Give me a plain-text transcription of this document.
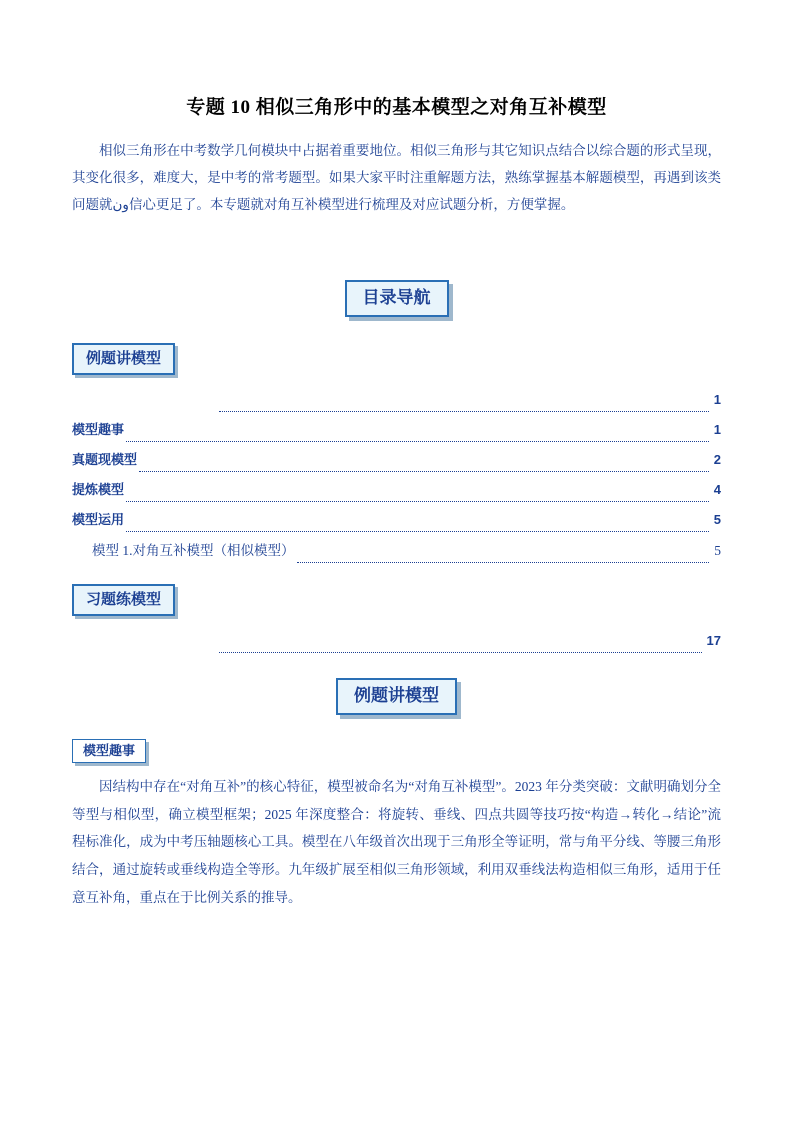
专题 10 相似三角形中的基本模型之对角互补模型

相似三角形在中考数学几何模块中占据着重要地位。相似三角形与其它知识点结合以综合题的形式呈现，其变化很多，难度大，是中考的常考题型。如果大家平时注重解题方法，熟练掌握基本解题模型，再遇到该类问题就ون信心更足了。本专题就对角互补模型进行梳理及对应试题分析，方便掌握。

目录导航
例题讲模型
1
模型趣事	1
真题现模型	2
提炼模型	4
模型运用	5
模型 1.对角互补模型（相似模型）	5
习题练模型
17
例题讲模型
模型趣事

因结构中存在“对角互补”的核心特征，模型被命名为“对角互补模型”。2023 年分类突破：文献明确划分全等型与相似型，确立模型框架；2025 年深度整合：将旋转、垂线、四点共圆等技巧按“构造→转化→结论”流程标准化，成为中考压轴题核心工具。模型在八年级首次出现于三角形全等证明，常与角平分线、等腰三角形结合，通过旋转或垂线构造全等形。九年级扩展至相似三角形领域，利用双垂线法构造相似三角形，适用于任意互补角，重点在于比例关系的推导。
